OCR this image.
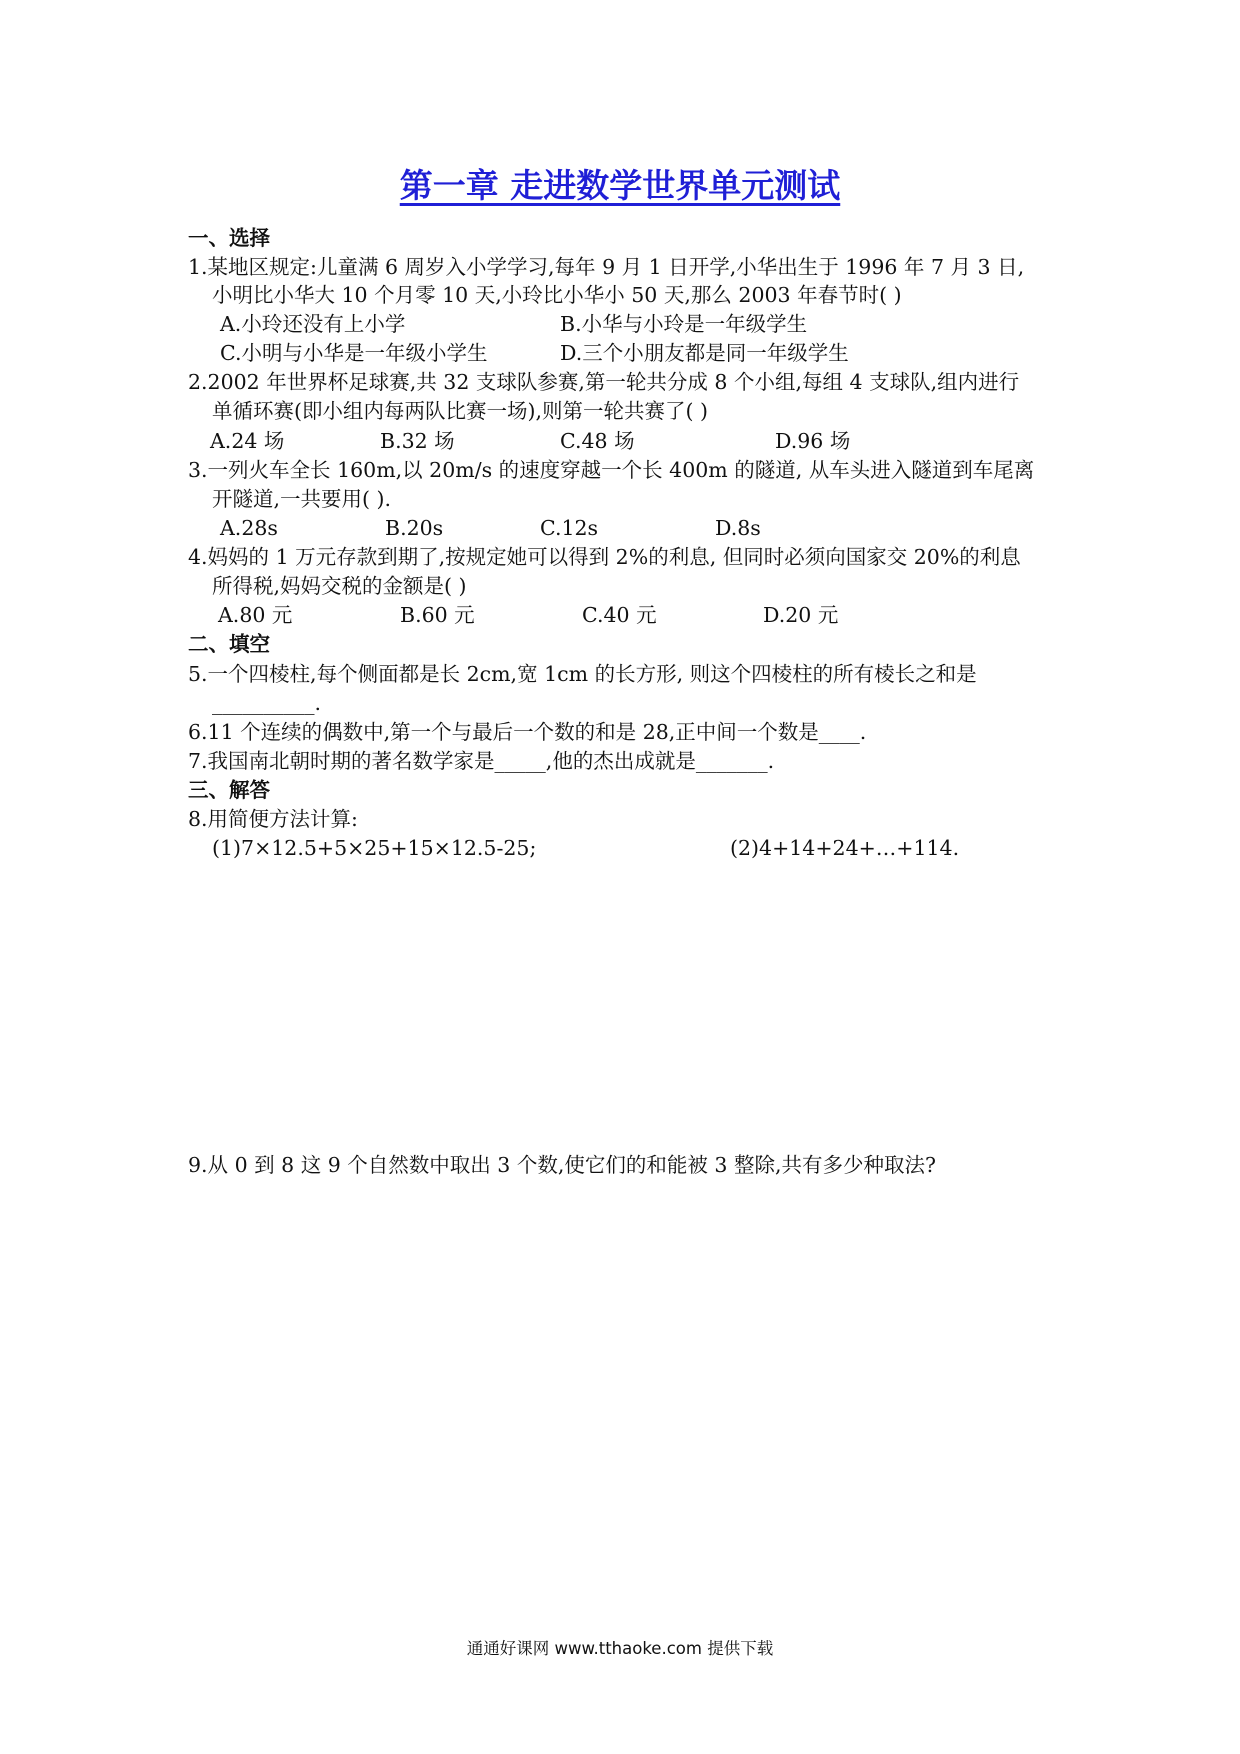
第一章 走进数学世界单元测试
一、选择
1.某地区规定:儿童满 6 周岁入小学学习,每年 9 月 1 日开学,小华出生于 1996 年 7 月 3 日,
小明比小华大 10 个月零 10 天,小玲比小华小 50 天,那么 2003 年春节时( )
A.小玲还没有上小学	B.小华与小玲是一年级学生
C.小明与小华是一年级小学生	D.三个小朋友都是同一年级学生
2.2002 年世界杯足球赛,共 32 支球队参赛,第一轮共分成 8 个小组,每组 4 支球队,组内进行
单循环赛(即小组内每两队比赛一场),则第一轮共赛了( )
A.24 场	B.32 场	C.48 场	D.96 场
3.一列火车全长 160m,以 20m/s 的速度穿越一个长 400m 的隧道, 从车头进入隧道到车尾离
开隧道,一共要用( ).
A.28s	B.20s	C.12s	D.8s
4.妈妈的 1 万元存款到期了,按规定她可以得到 2%的利息, 但同时必须向国家交 20%的利息
所得税,妈妈交税的金额是( )
A.80 元	B.60 元	C.40 元	D.20 元
二、填空
5.一个四棱柱,每个侧面都是长 2cm,宽 1cm 的长方形, 则这个四棱柱的所有棱长之和是
__________.
6.11 个连续的偶数中,第一个与最后一个数的和是 28,正中间一个数是____.
7.我国南北朝时期的著名数学家是_____,他的杰出成就是_______.
三、解答
8.用简便方法计算:
(1)7×12.5+5×25+15×12.5-25;	(2)4+14+24+…+114.
9.从 0 到 8 这 9 个自然数中取出 3 个数,使它们的和能被 3 整除,共有多少种取法?
通通好课网 www.tthaoke.com 提供下载
